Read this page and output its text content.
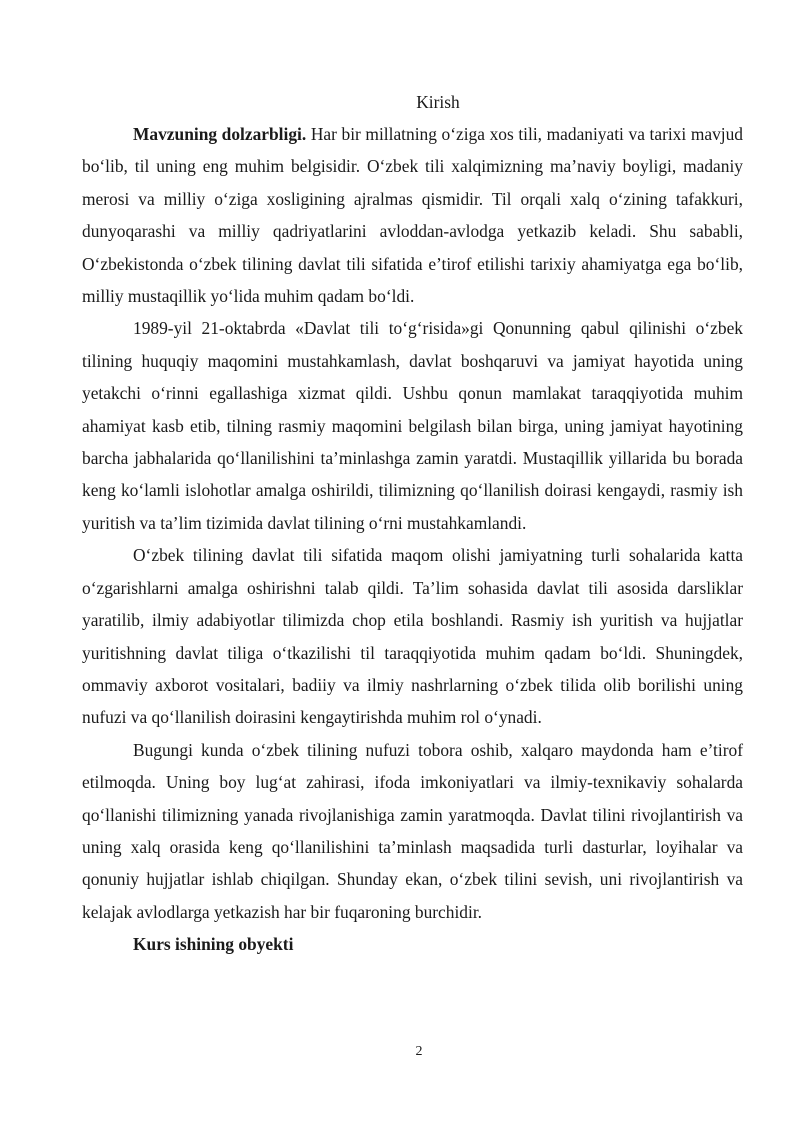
Kirish

Mavzuning dolzarbligi. Har bir millatning o‘ziga xos tili, madaniyati va tarixi mavjud bo‘lib, til uning eng muhim belgisidir. O‘zbek tili xalqimizning ma’naviy boyligi, madaniy merosi va milliy o‘ziga xosligining ajralmas qismidir. Til orqali xalq o‘zining tafakkuri, dunyoqarashi va milliy qadriyatlarini avloddan-avlodga yetkazib keladi. Shu sababli, O‘zbekistonda o‘zbek tilining davlat tili sifatida e’tirof etilishi tarixiy ahamiyatga ega bo‘lib, milliy mustaqillik yo‘lida muhim qadam bo‘ldi.

1989-yil 21-oktabrda «Davlat tili to‘g‘risida»gi Qonunning qabul qilinishi o‘zbek tilining huquqiy maqomini mustahkamlash, davlat boshqaruvi va jamiyat hayotida uning yetakchi o‘rinni egallashiga xizmat qildi. Ushbu qonun mamlakat taraqqiyotida muhim ahamiyat kasb etib, tilning rasmiy maqomini belgilash bilan birga, uning jamiyat hayotining barcha jabhalarida qo‘llanilishini ta’minlashga zamin yaratdi. Mustaqillik yillarida bu borada keng ko‘lamli islohotlar amalga oshirildi, tilimizning qo‘llanilish doirasi kengaydi, rasmiy ish yuritish va ta’lim tizimida davlat tilining o‘rni mustahkamlandi.

O‘zbek tilining davlat tili sifatida maqom olishi jamiyatning turli sohalarida katta o‘zgarishlarni amalga oshirishni talab qildi. Ta’lim sohasida davlat tili asosida darsliklar yaratilib, ilmiy adabiyotlar tilimizda chop etila boshlandi. Rasmiy ish yuritish va hujjatlar yuritishning davlat tiliga o‘tkazilishi til taraqqiyotida muhim qadam bo‘ldi. Shuningdek, ommaviy axborot vositalari, badiiy va ilmiy nashrlarning o‘zbek tilida olib borilishi uning nufuzi va qo‘llanilish doirasini kengaytirishda muhim rol o‘ynadi.

Bugungi kunda o‘zbek tilining nufuzi tobora oshib, xalqaro maydonda ham e’tirof etilmoqda. Uning boy lug‘at zahirasi, ifoda imkoniyatlari va ilmiy-texnikaviy sohalarda qo‘llanishi tilimizning yanada rivojlanishiga zamin yaratmoqda. Davlat tilini rivojlantirish va uning xalq orasida keng qo‘llanilishini ta’minlash maqsadida turli dasturlar, loyihalar va qonuniy hujjatlar ishlab chiqilgan. Shunday ekan, o‘zbek tilini sevish, uni rivojlantirish va kelajak avlodlarga yetkazish har bir fuqaroning burchidir.

Kurs ishining obyekti

2
